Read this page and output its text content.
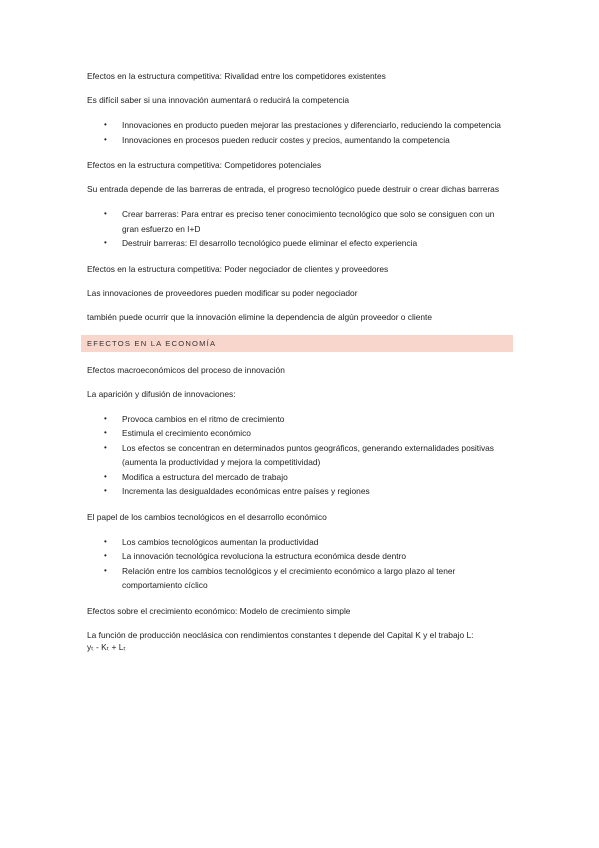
Efectos en la estructura competitiva: Rivalidad entre los competidores existentes

Es difícil saber si una innovación aumentará o reducirá la competencia

• Innovaciones en producto pueden mejorar las prestaciones y diferenciarlo, reduciendo la competencia
• Innovaciones en procesos pueden reducir costes y precios, aumentando la competencia

Efectos en la estructura competitiva: Competidores potenciales

Su entrada depende de las barreras de entrada, el progreso tecnológico puede destruir o crear dichas barreras

• Crear barreras: Para entrar es preciso tener conocimiento tecnológico que solo se consiguen con un gran esfuerzo en I+D
• Destruir barreras: El desarrollo tecnológico puede eliminar el efecto experiencia

Efectos en la estructura competitiva: Poder negociador de clientes y proveedores

Las innovaciones de proveedores pueden modificar su poder negociador

también puede ocurrir que la innovación elimine la dependencia de algún proveedor o cliente

EFECTOS EN LA ECONOMÍA

Efectos macroeconómicos del proceso de innovación

La aparición y difusión de innovaciones:

• Provoca cambios en el ritmo de crecimiento
• Estimula el crecimiento económico
• Los efectos se concentran en determinados puntos geográficos, generando externalidades positivas (aumenta la productividad y mejora la competitividad)
• Modifica a estructura del mercado de trabajo
• Incrementa las desigualdades económicas entre países y regiones

El papel de los cambios tecnológicos en el desarrollo económico

• Los cambios tecnológicos aumentan la productividad
• La innovación tecnológica revoluciona la estructura económica desde dentro
• Relación entre los cambios tecnológicos y el crecimiento económico a largo plazo al tener comportamiento cíclico

Efectos sobre el crecimiento económico: Modelo de crecimiento simple

La función de producción neoclásica con rendimientos constantes t depende del Capital K y el trabajo L:

yₜ - Kₜ + Lₜ
